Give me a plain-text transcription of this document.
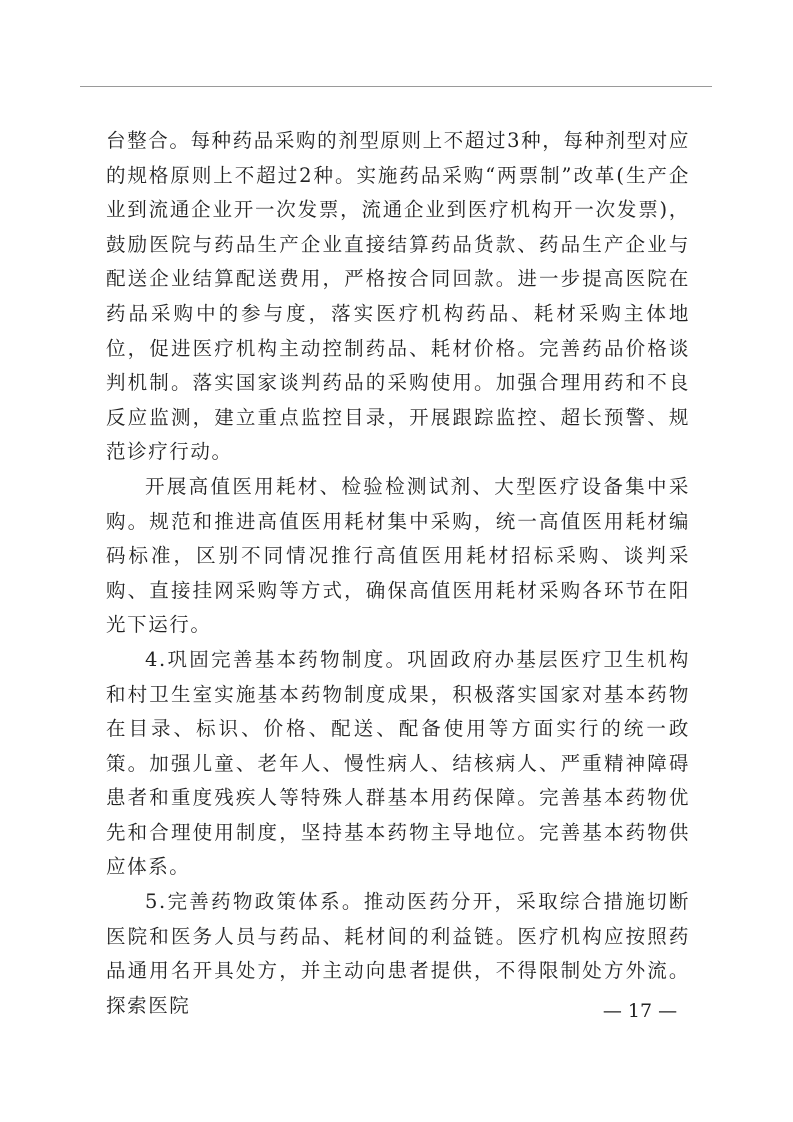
台整合。每种药品采购的剂型原则上不超过3种，每种剂型对应的规格原则上不超过2种。实施药品采购“两票制”改革(生产企业到流通企业开一次发票，流通企业到医疗机构开一次发票)，鼓励医院与药品生产企业直接结算药品货款、药品生产企业与配送企业结算配送费用，严格按合同回款。进一步提高医院在药品采购中的参与度，落实医疗机构药品、耗材采购主体地位，促进医疗机构主动控制药品、耗材价格。完善药品价格谈判机制。落实国家谈判药品的采购使用。加强合理用药和不良反应监测，建立重点监控目录，开展跟踪监控、超长预警、规范诊疗行动。

开展高值医用耗材、检验检测试剂、大型医疗设备集中采购。规范和推进高值医用耗材集中采购，统一高值医用耗材编码标准，区别不同情况推行高值医用耗材招标采购、谈判采购、直接挂网采购等方式，确保高值医用耗材采购各环节在阳光下运行。

4.巩固完善基本药物制度。巩固政府办基层医疗卫生机构和村卫生室实施基本药物制度成果，积极落实国家对基本药物在目录、标识、价格、配送、配备使用等方面实行的统一政策。加强儿童、老年人、慢性病人、结核病人、严重精神障碍患者和重度残疾人等特殊人群基本用药保障。完善基本药物优先和合理使用制度，坚持基本药物主导地位。完善基本药物供应体系。

5.完善药物政策体系。推动医药分开，采取综合措施切断医院和医务人员与药品、耗材间的利益链。医疗机构应按照药品通用名开具处方，并主动向患者提供，不得限制处方外流。探索医院	— 17 —
